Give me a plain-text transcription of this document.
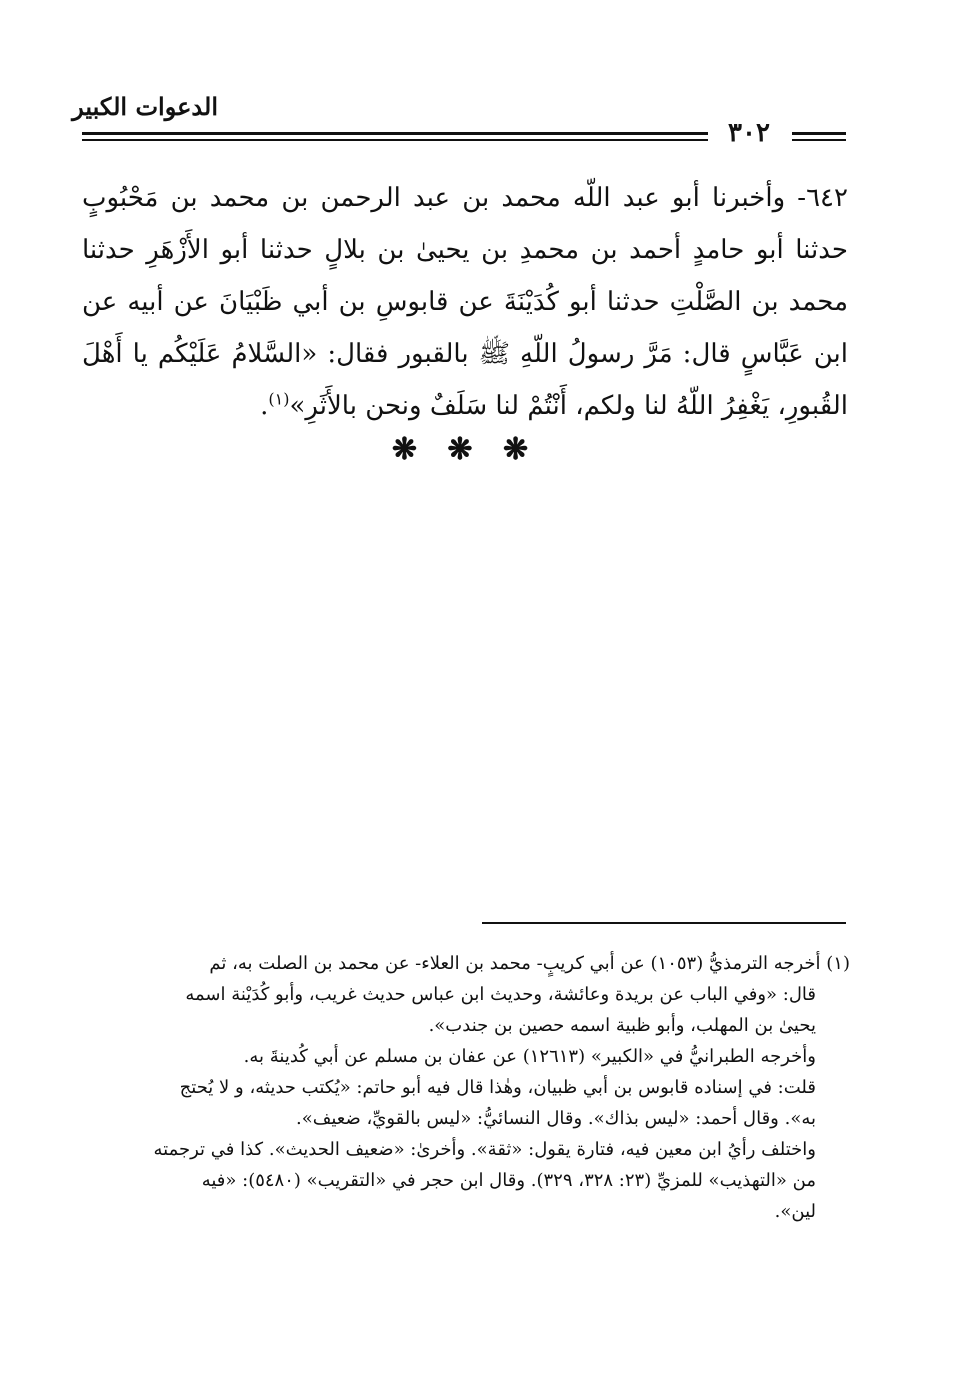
الدعوات الكبير
٣٠٢
٦٤٢- وأخبرنا أبو عبد اللّه محمد بن عبد الرحمن بن محمد بن مَحْبُوبٍ حدثنا أبو حامدٍ أحمد بن محمدِ بن يحيىٰ بن بلالٍ حدثنا أبو الأَزْهَرِ حدثنا محمد بن الصَّلْتِ حدثنا أبو كُدَيْنَةَ عن قابوسِ بن أبي ظَبْيَانَ عن أبيه عن ابن عَبَّاسٍ قال: مَرَّ رسولُ اللّهِ ﷺ بالقبور فقال: «السَّلامُ عَلَيْكُم يا أَهْلَ القُبورِ، يَغْفِرُ اللّهُ لنا ولكم، أَنْتُمْ لنا سَلَفٌ ونحن بالأَثَرِ»$^{(١)}$.
❋ ❋ ❋
(١) أخرجه الترمذيُّ (١٠٥٣) عن أبي كريبٍ- محمد بن العلاء- عن محمد بن الصلت به، ثم
قال: «وفي الباب عن بريدة وعائشة، وحديث ابن عباس حديث غريب، وأبو كُدَيْنة اسمه
يحيىٰ بن المهلب، وأبو ظبية اسمه حصين بن جندب».
وأخرجه الطبرانيُّ في «الكبير» (١٢٦١٣) عن عفان بن مسلم عن أبي كُدينةَ به.
قلت: في إسناده قابوس بن أبي ظبيان، وهٰذا قال فيه أبو حاتم: «يُكتب حديثه، و لا يُحتج
به». وقال أحمد: «ليس بذاك». وقال النسائيُّ: «ليس بالقويِّ، ضعيف».
واختلف رأيُ ابن معين فيه، فتارة يقول: «ثقة». وأخرىٰ: «ضعيف الحديث». كذا في ترجمته
من «التهذيب» للمزيِّ (٢٣: ٣٢٨، ٣٢٩). وقال ابن حجر في «التقريب» (٥٤٨٠): «فيه
لين».
